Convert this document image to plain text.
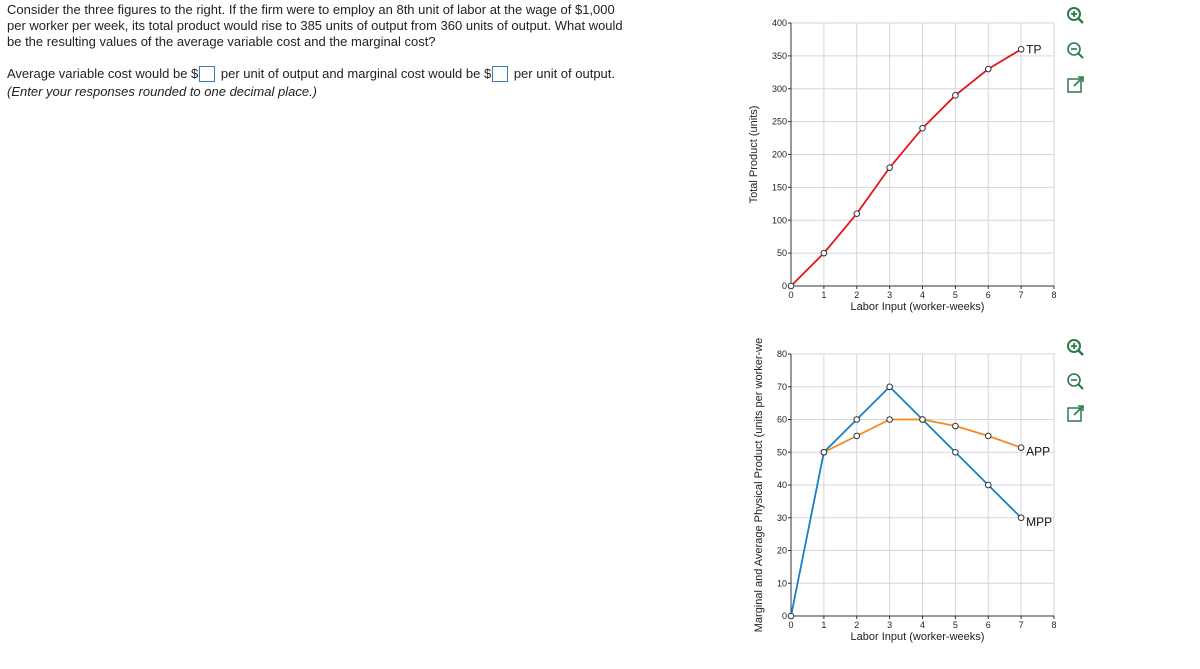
Consider the three figures to the right. If the firm were to employ an 8th unit of labor at the wage of $1,000
per worker per week, its total product would rise to 385 units of output from 360 units of output. What would
be the resulting values of the average variable cost and the marginal cost?
Average variable cost would be $ per unit of output and marginal cost would be $ per unit of output.
(Enter your responses rounded to one decimal place.)
0	1	2	3	4	5	6	7	8
0
50
100
150
200
250
300
350
400
Labor Input (worker-weeks)
Total Product (units)
TP
0	1	2	3	4	5	6	7	8
0
10
20
30
40
50
60
70
80
Labor Input (worker-weeks)
Marginal and Average Physical Product (units per worker-we	MPP
APP
